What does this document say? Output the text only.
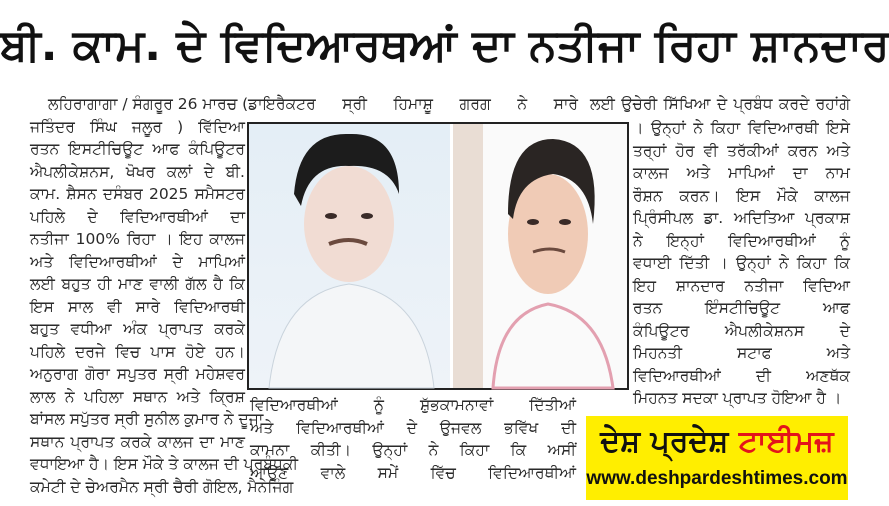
ਬੀ. ਕਾਮ. ਦੇ ਵਿਦਿਆਰਥਆਂ ਦਾ ਨਤੀਜਾ ਰਿਹਾ ਸ਼ਾਨਦਾਰ
ਲਹਿਰਾਗਾਗਾ / ਸੰਗਰੂਰ 26 ਮਾਰਚ (
ਜਤਿੰਦਰ ਸਿੰਘ ਜਲੂਰ ) ਵਿੱਦਿਆ
ਰਤਨ ਇਸਟੀਚਿਊਟ ਆਫ ਕੰਪਿਊਟਰ
ਐਪਲੀਕੇਸ਼ਨਸ, ਖੋਖਰ ਕਲਾਂ ਦੇ ਬੀ.
ਕਾਮ. ਸ਼ੈਸਨ ਦਸੰਬਰ 2025 ਸਮੈਸਟਰ
ਪਹਿਲੇ ਦੇ ਵਿਦਿਆਰਥੀਆਂ ਦਾ
ਨਤੀਜਾ 100% ਰਿਹਾ । ਇਹ ਕਾਲਜ
ਅਤੇ ਵਿਦਿਆਰਥੀਆਂ ਦੇ ਮਾਪਿਆਂ
ਲਈ ਬਹੁਤ ਹੀ ਮਾਣ ਵਾਲੀ ਗੱਲ ਹੈ ਕਿ
ਇਸ ਸਾਲ ਵੀ ਸਾਰੇ ਵਿਦਿਆਰਥੀ
ਬਹੁਤ ਵਧੀਆ ਅੰਕ ਪ੍ਰਾਪਤ ਕਰਕੇ
ਪਹਿਲੇ ਦਰਜੇ ਵਿਚ ਪਾਸ ਹੋਏ ਹਨ।
ਅਨੁਰਾਗ ਗੋਰਾ ਸਪੁਤਰ ਸ੍ਰੀ ਮਹੇਸ਼ਵਰ
ਲਾਲ ਨੇ ਪਹਿਲਾ ਸਥਾਨ ਅਤੇ ਕ੍ਰਿਸ਼
ਬਾਂਸਲ ਸਪੁੱਤਰ ਸ੍ਰੀ ਸੁਨੀਲ ਕੁਮਾਰ ਨੇ ਦੂਜਾ
ਸਥਾਨ ਪ੍ਰਾਪਤ ਕਰਕੇ ਕਾਲਜ ਦਾ ਮਾਣ
ਵਧਾਇਆ ਹੈ। ਇਸ ਮੌਕੇ ਤੇ ਕਾਲਜ ਦੀ ਪ੍ਰਬੰਧਕੀ
ਕਮੇਟੀ ਦੇ ਚੇਅਰਮੈਨ ਸ੍ਰੀ ਚੈਰੀ ਗੋਇਲ, ਮੈਨੇਜਿੰਗ
ਡਾਇਰੈਕਟਰ ਸ੍ਰੀ ਹਿਮਾਸ਼ੂ ਗਰਗ ਨੇ ਸਾਰੇ ਲਈ ਉਚੇਰੀ ਸਿੱਖਿਆ ਦੇ ਪ੍ਰਬੰਧ ਕਰਦੇ ਰਹਾਂਗੇ
। ਉਨ੍ਹਾਂ ਨੇ ਕਿਹਾ ਵਿਦਿਆਰਥੀ ਇਸੇ
ਤਰ੍ਹਾਂ ਹੋਰ ਵੀ ਤਰੱਕੀਆਂ ਕਰਨ ਅਤੇ
ਕਾਲਜ ਅਤੇ ਮਾਪਿਆਂ ਦਾ ਨਾਮ
ਰੌਸ਼ਨ ਕਰਨ। ਇਸ ਮੌਕੇ ਕਾਲਜ
ਪ੍ਰਿੰਸੀਪਲ ਡਾ. ਅਦਿਤਿਆ ਪ੍ਰਕਾਸ਼
ਨੇ ਇਨ੍ਹਾਂ ਵਿਦਿਆਰਥੀਆਂ ਨੂੰ
ਵਧਾਈ ਦਿੱਤੀ । ਉਨ੍ਹਾਂ ਨੇ ਕਿਹਾ ਕਿ
ਇਹ ਸ਼ਾਨਦਾਰ ਨਤੀਜਾ ਵਿਦਿਆ
ਰਤਨ ਇੰਸਟੀਚਿਊਟ ਆਫ
ਕੰਪਿਊਟਰ ਐਪਲੀਕੇਸ਼ਨਸ ਦੇ
ਮਿਹਨਤੀ ਸਟਾਫ ਅਤੇ
ਵਿਦਿਆਰਥੀਆਂ ਦੀ ਅਣਥੱਕ
ਮਿਹਨਤ ਸਦਕਾ ਪ੍ਰਾਪਤ ਹੋਇਆ ਹੈ ।
ਵਿਦਿਆਰਥੀਆਂ ਨੂੰ ਸ਼ੁੱਭਕਾਮਨਾਵਾਂ ਦਿੱਤੀਆਂ
ਅਤੇ ਵਿਦਿਆਰਥੀਆਂ ਦੇ ਉਜਵਲ ਭਵਿੱਖ ਦੀ
ਕਾਮਨਾ ਕੀਤੀ। ਉਨ੍ਹਾਂ ਨੇ ਕਿਹਾ ਕਿ ਅਸੀਂ
ਆਉਣ ਵਾਲੇ ਸਮੇਂ ਵਿੱਚ ਵਿਦਿਆਰਥੀਆਂ
ਦੇਸ਼ ਪ੍ਰਦੇਸ਼ ਟਾਈਮਜ਼
www.deshpardeshtimes.com
